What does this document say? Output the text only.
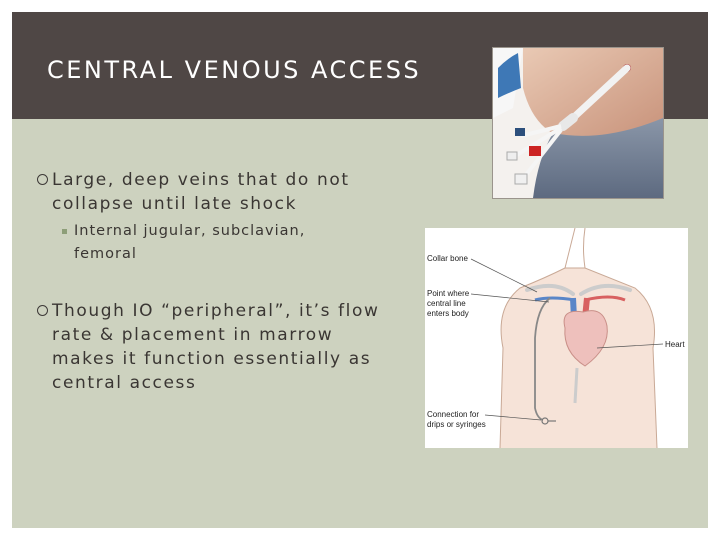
CENTRAL VENOUS ACCESS
Large, deep veins that do not
collapse until late shock
Internal jugular, subclavian,
femoral
Though IO “peripheral”, it’s flow
rate & placement in marrow
makes it function essentially as
central access
Collar bone
Point where
central line
enters body
Heart
Connection for
drips or syringes
